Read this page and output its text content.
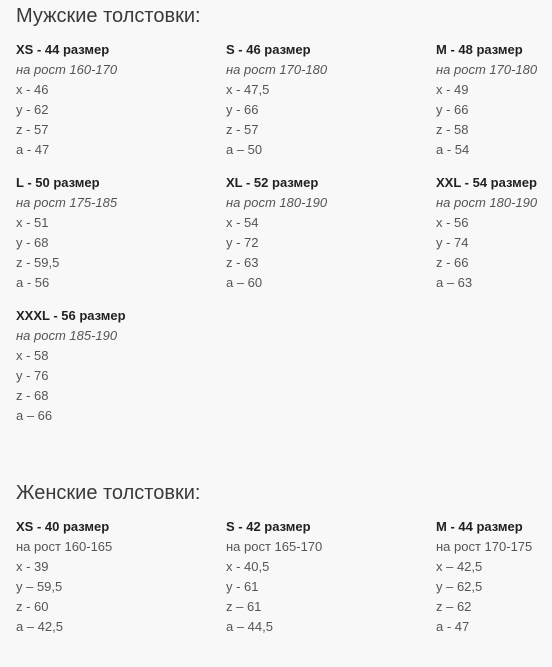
Мужские толстовки:
XS - 44 размер
на рост 160-170
x - 46
y - 62
z - 57
a - 47
S - 46 размер
на рост 170-180
x - 47,5
y - 66
z - 57
a – 50
M - 48 размер
на рост 170-180
x - 49
y - 66
z - 58
a - 54
L - 50 размер
на рост 175-185
x - 51
y - 68
z - 59,5
a - 56
XL - 52 размер
на рост 180-190
x - 54
y - 72
z - 63
a – 60
XXL - 54 размер
на рост 180-190
x - 56
y - 74
z - 66
a – 63
XXXL - 56 размер
на рост 185-190
x - 58
y - 76
z - 68
a – 66
Женские толстовки:
XS - 40 размер
на рост 160-165
x - 39
y – 59,5
z - 60
a – 42,5
S - 42 размер
на рост 165-170
x - 40,5
y - 61
z – 61
a – 44,5
M - 44 размер
на рост 170-175
x – 42,5
y – 62,5
z – 62
a - 47
